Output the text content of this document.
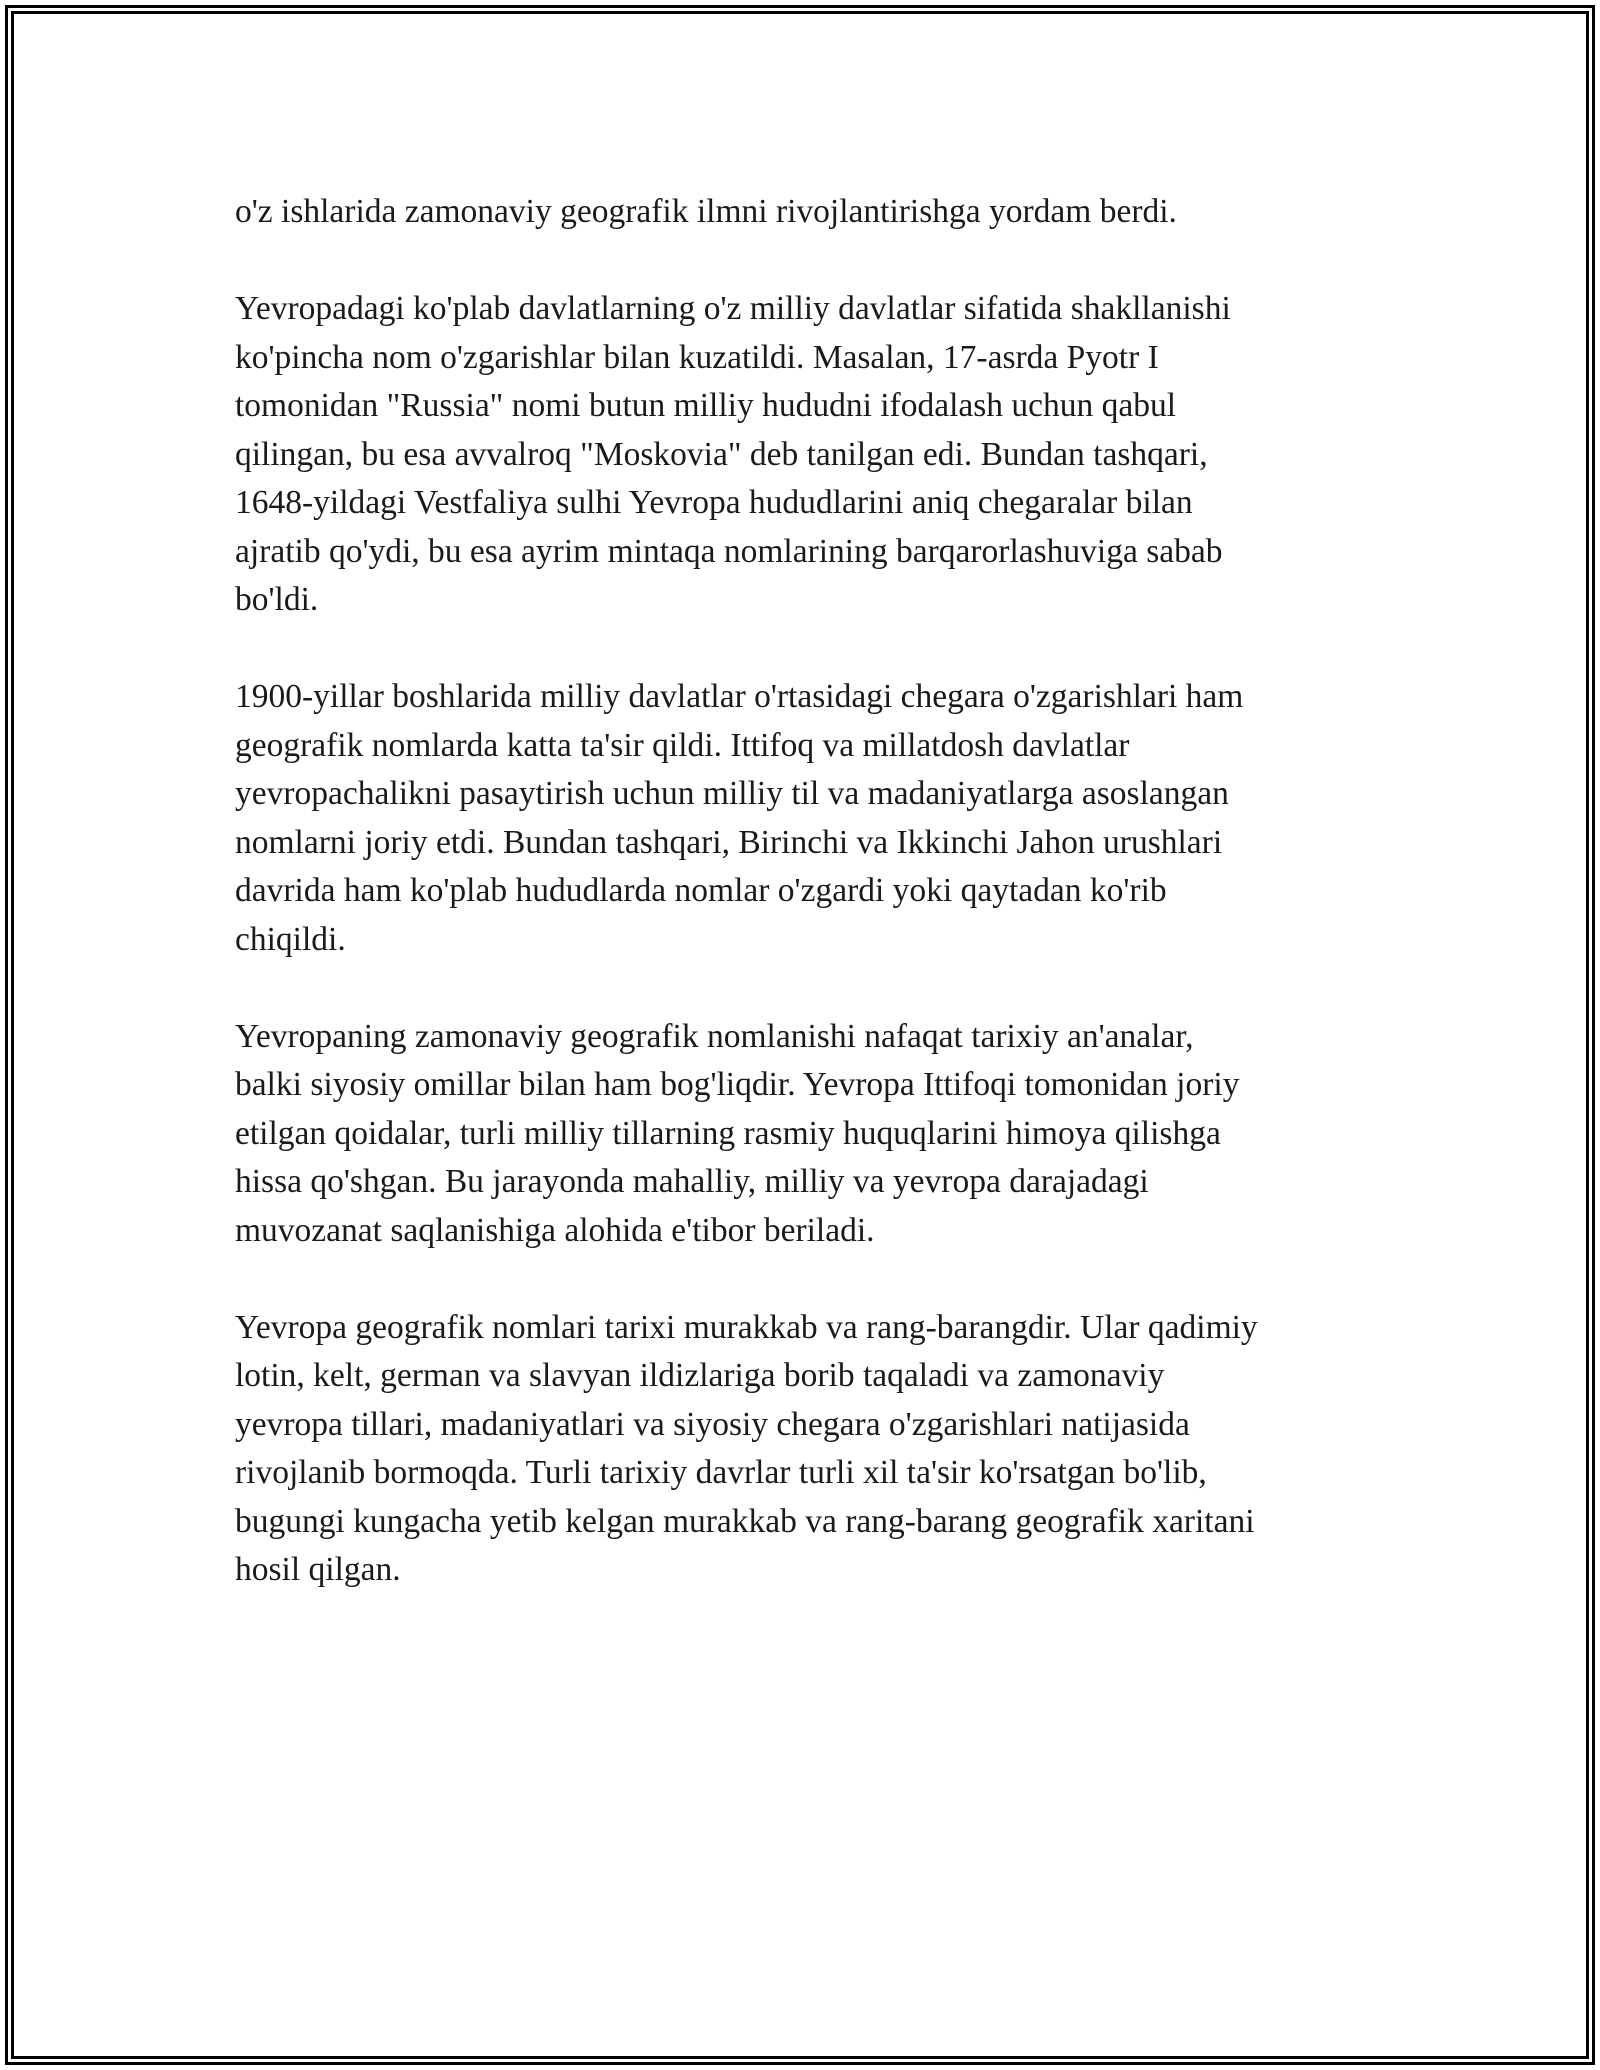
o'z ishlarida zamonaviy geografik ilmni rivojlantirishga yordam berdi.

Yevropadagi ko'plab davlatlarning o'z milliy davlatlar sifatida shakllanishi
ko'pincha nom o'zgarishlar bilan kuzatildi. Masalan, 17-asrda Pyotr I
tomonidan "Russia" nomi butun milliy hududni ifodalash uchun qabul
qilingan, bu esa avvalroq "Moskovia" deb tanilgan edi. Bundan tashqari,
1648-yildagi Vestfaliya sulhi Yevropa hududlarini aniq chegaralar bilan
ajratib qo'ydi, bu esa ayrim mintaqa nomlarining barqarorlashuviga sabab
bo'ldi.

1900-yillar boshlarida milliy davlatlar o'rtasidagi chegara o'zgarishlari ham
geografik nomlarda katta ta'sir qildi. Ittifoq va millatdosh davlatlar
yevropachalikni pasaytirish uchun milliy til va madaniyatlarga asoslangan
nomlarni joriy etdi. Bundan tashqari, Birinchi va Ikkinchi Jahon urushlari
davrida ham ko'plab hududlarda nomlar o'zgardi yoki qaytadan ko'rib
chiqildi.

Yevropaning zamonaviy geografik nomlanishi nafaqat tarixiy an'analar,
balki siyosiy omillar bilan ham bog'liqdir. Yevropa Ittifoqi tomonidan joriy
etilgan qoidalar, turli milliy tillarning rasmiy huquqlarini himoya qilishga
hissa qo'shgan. Bu jarayonda mahalliy, milliy va yevropa darajadagi
muvozanat saqlanishiga alohida e'tibor beriladi.

Yevropa geografik nomlari tarixi murakkab va rang-barangdir. Ular qadimiy
lotin, kelt, german va slavyan ildizlariga borib taqaladi va zamonaviy
yevropa tillari, madaniyatlari va siyosiy chegara o'zgarishlari natijasida
rivojlanib bormoqda. Turli tarixiy davrlar turli xil ta'sir ko'rsatgan bo'lib,
bugungi kungacha yetib kelgan murakkab va rang-barang geografik xaritani
hosil qilgan.
